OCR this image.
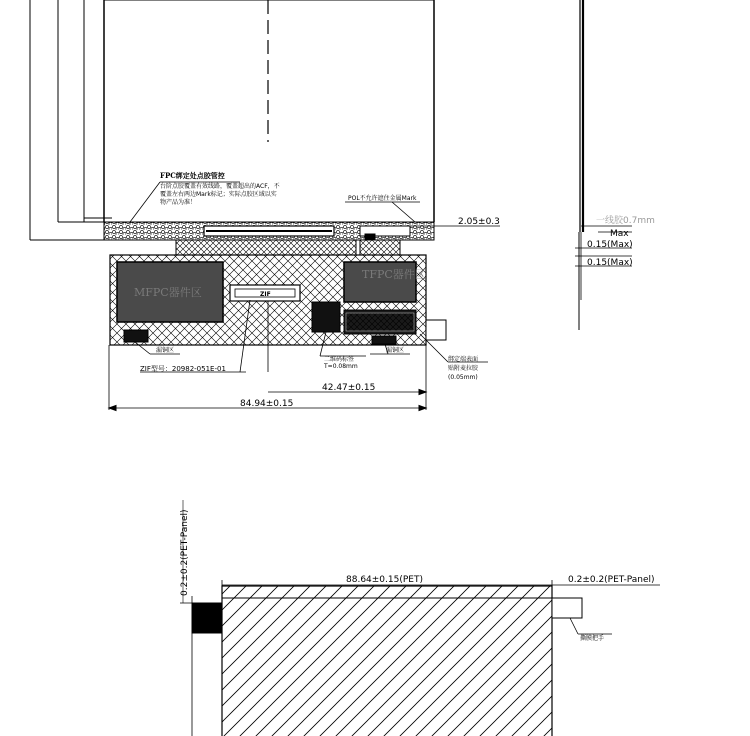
FPC绑定处点胶管控
台阶点胶覆盖有效线路，覆盖超出的ACF，不
覆盖左右两边Mark标记；实际点胶区域以实
物产品为准！
POL不允许遮住金属Mark
2.05±0.3	一线胶0.7mm
Max
0.15(Max)
0.15(Max)
MFPC器件区
TFPC器件区
ZIF
漏铜区	漏铜区
二维码标签
T=0.08mm
绑定端表面
贴附麦拉胶
(0.05mm)
ZIF型号：20982-051E-01
42.47±0.15
84.94±0.15
0.2±0.2(PET-Panel)	88.64±0.15(PET)	0.2±0.2(PET-Panel)
撕膜把手
